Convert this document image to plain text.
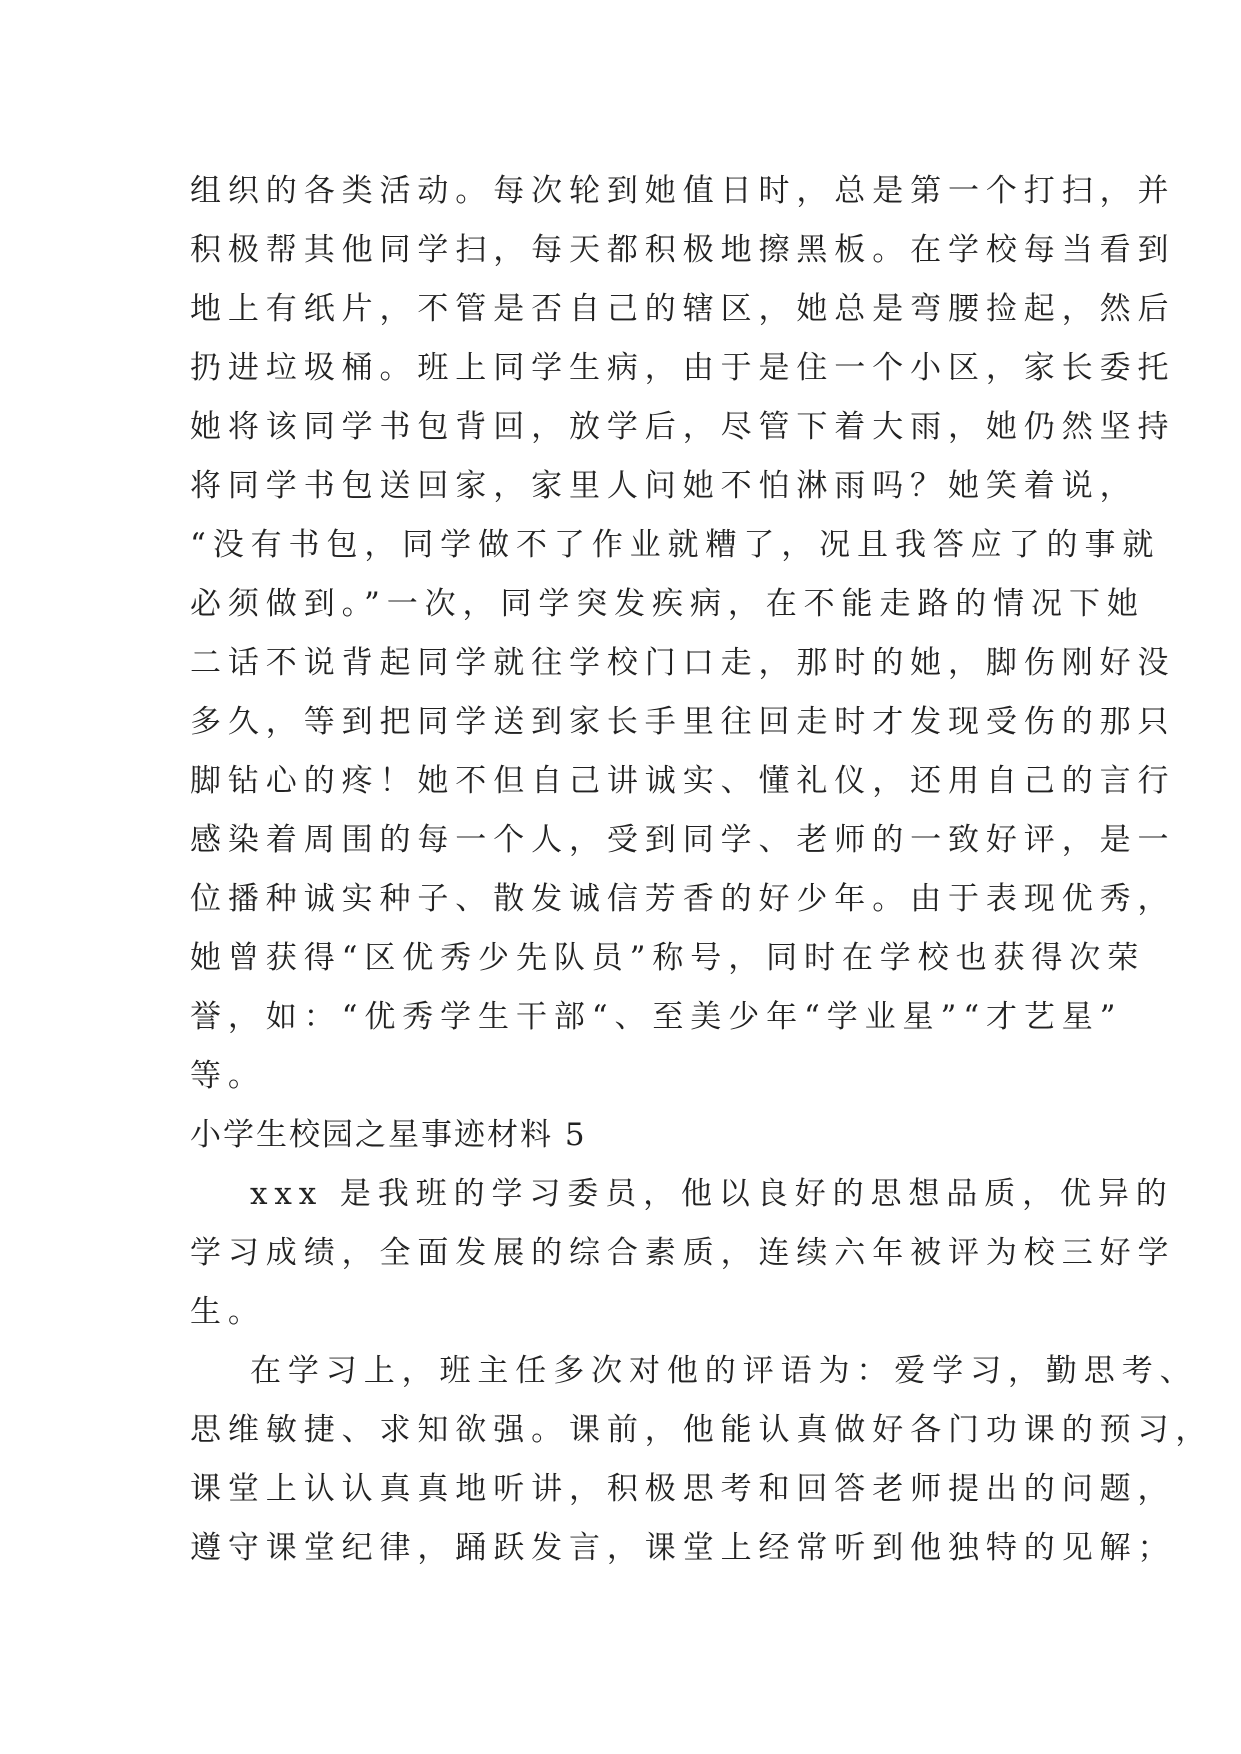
组织的各类活动。每次轮到她值日时，总是第一个打扫，并
积极帮其他同学扫，每天都积极地擦黑板。在学校每当看到
地上有纸片，不管是否自己的辖区，她总是弯腰捡起，然后
扔进垃圾桶。班上同学生病，由于是住一个小区，家长委托
她将该同学书包背回，放学后，尽管下着大雨，她仍然坚持
将同学书包送回家，家里人问她不怕淋雨吗？她笑着说，
“没有书包，同学做不了作业就糟了，况且我答应了的事就
必须做到。”一次，同学突发疾病，在不能走路的情况下她
二话不说背起同学就往学校门口走，那时的她，脚伤刚好没
多久，等到把同学送到家长手里往回走时才发现受伤的那只
脚钻心的疼！她不但自己讲诚实、懂礼仪，还用自己的言行
感染着周围的每一个人，受到同学、老师的一致好评，是一
位播种诚实种子、散发诚信芳香的好少年。由于表现优秀，
她曾获得“区优秀少先队员”称号，同时在学校也获得次荣
誉，如：“优秀学生干部“、至美少年“学业星”“才艺星”
等。
小学生校园之星事迹材料 5
xxx 是我班的学习委员，他以良好的思想品质，优异的
学习成绩，全面发展的综合素质，连续六年被评为校三好学
生。
在学习上，班主任多次对他的评语为：爱学习，勤思考、
思维敏捷、求知欲强。课前，他能认真做好各门功课的预习，
课堂上认认真真地听讲，积极思考和回答老师提出的问题，
遵守课堂纪律，踊跃发言，课堂上经常听到他独特的见解；
